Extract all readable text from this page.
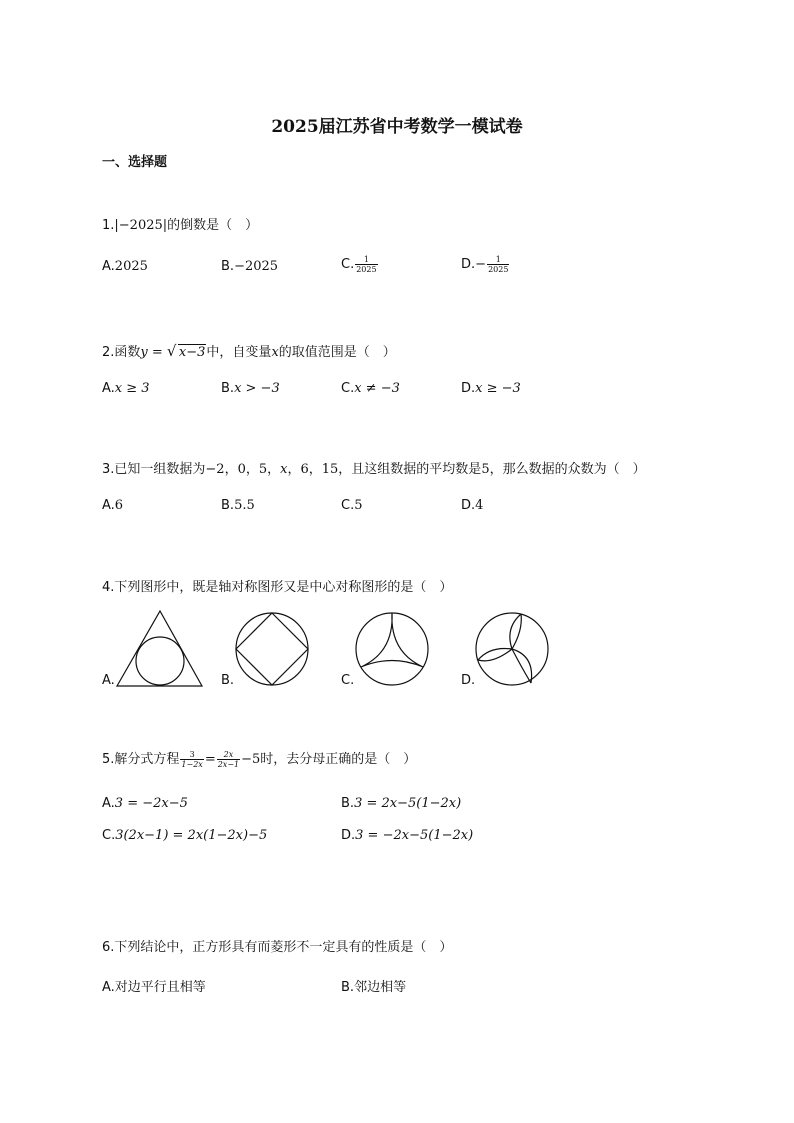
2025届江苏省中考数学一模试卷
一、选择题
1.|−2025|的倒数是（　）
A.2025	B.−2025	C. $\frac{1}{2025}$	$D.- \frac{1}{2025}$
2.函数y = √ x−3中，自变量x的取值范围是（　）
A.x ≥ 3	B.x > −3	C.x ≠ −3	D.x ≥ −3
3.已知一组数据为−2，0，5，x，6，15，且这组数据的平均数是5，那么数据的众数为（　）
A.6	B.5.5	C.5	D.4
4.下列图形中，既是轴对称图形又是中心对称图形的是（　）
A.	B.	C.	D.
5.解分式方程 $\frac{3}{1-2x} = \frac{2x}{2x-1} -5$时，去分母正确的是（　）
A.3 = −2x−5	B.3 = 2x−5(1−2x)
C.3(2x−1) = 2x(1−2x)−5	D.3 = −2x−5(1−2x)
6.下列结论中，正方形具有而菱形不一定具有的性质是（　）
A.对边平行且相等	B.邻边相等
